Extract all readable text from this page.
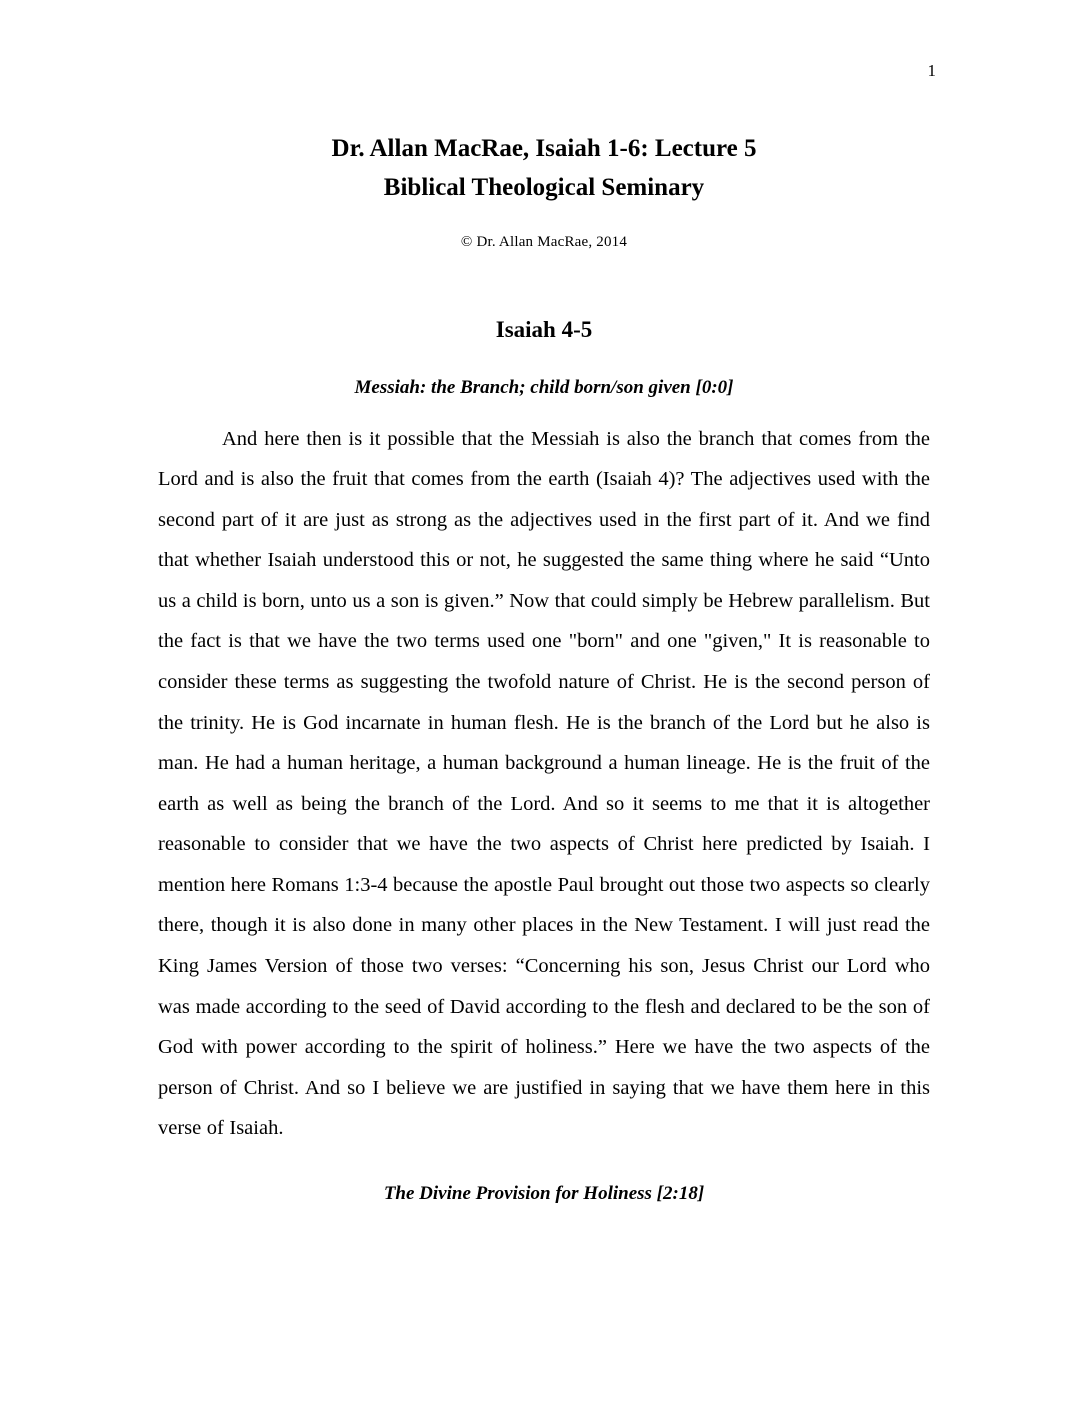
1
Dr. Allan MacRae, Isaiah 1-6: Lecture 5
Biblical Theological Seminary
© Dr. Allan MacRae, 2014
Isaiah 4-5
Messiah: the Branch; child born/son given [0:0]

And here then is it possible that the Messiah is also the branch that comes from the Lord and is also the fruit that comes from the earth (Isaiah 4)? The adjectives used with the second part of it are just as strong as the adjectives used in the first part of it. And we find that whether Isaiah understood this or not, he suggested the same thing where he said “Unto us a child is born, unto us a son is given.” Now that could simply be Hebrew parallelism. But the fact is that we have the two terms used one "born" and one "given," It is reasonable to consider these terms as suggesting the twofold nature of Christ. He is the second person of the trinity. He is God incarnate in human flesh. He is the branch of the Lord but he also is man. He had a human heritage, a human background a human lineage. He is the fruit of the earth as well as being the branch of the Lord. And so it seems to me that it is altogether reasonable to consider that we have the two aspects of Christ here predicted by Isaiah. I mention here Romans 1:3-4 because the apostle Paul brought out those two aspects so clearly there, though it is also done in many other places in the New Testament. I will just read the King James Version of those two verses: “Concerning his son, Jesus Christ our Lord who was made according to the seed of David according to the flesh and declared to be the son of God with power according to the spirit of holiness.” Here we have the two aspects of the person of Christ. And so I believe we are justified in saying that we have them here in this verse of Isaiah.

The Divine Provision for Holiness [2:18]
